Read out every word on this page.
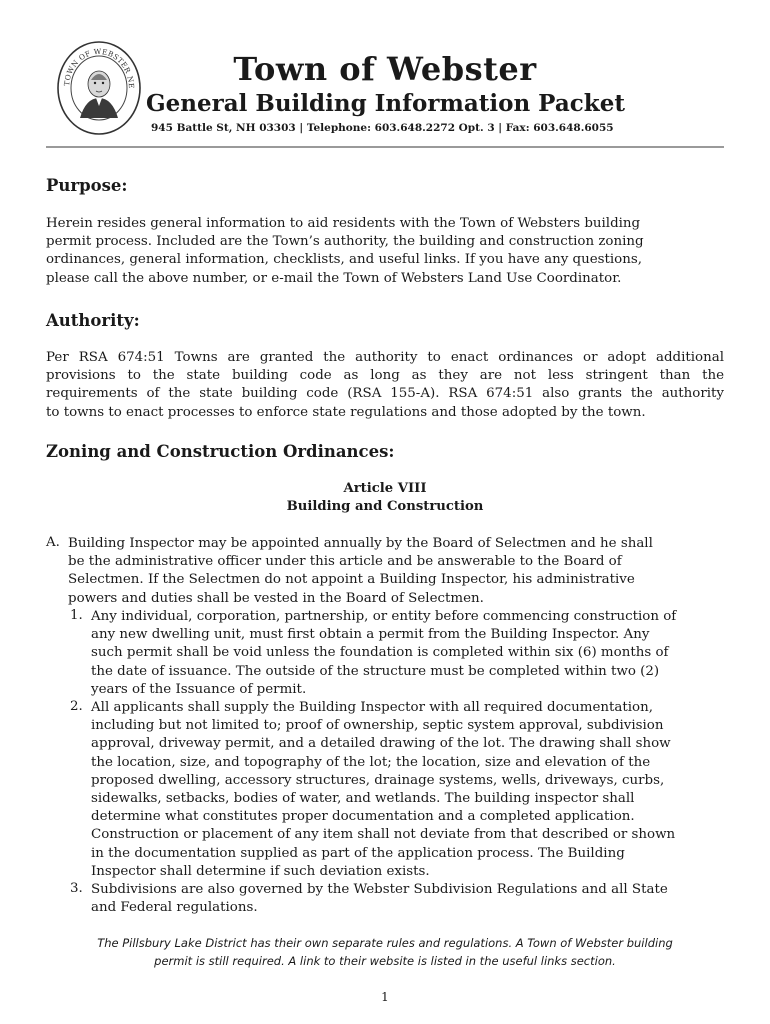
TOWN OF WEBSTER NE	Town of Webster
General Building Information Packet
945 Battle St, NH 03303 | Telephone: 603.648.2272 Opt. 3 | Fax: 603.648.6055
Purpose:
Herein resides general information to aid residents with the Town of Websters building
permit process. Included are the Town’s authority, the building and construction zoning
ordinances, general information, checklists, and useful links. If you have any questions,
please call the above number, or e-mail the Town of Websters Land Use Coordinator.
Authority:
Per RSA 674:51 Towns are granted the authority to enact ordinances or adopt additional
provisions to the state building code as long as they are not less stringent than the
requirements of the state building code (RSA 155-A). RSA 674:51 also grants the authority
to towns to enact processes to enforce state regulations and those adopted by the town.
Zoning and Construction Ordinances:
Article VIII
Building and Construction
A. Building Inspector may be appointed annually by the Board of Selectmen and he shall
be the administrative officer under this article and be answerable to the Board of
Selectmen. If the Selectmen do not appoint a Building Inspector, his administrative
powers and duties shall be vested in the Board of Selectmen.
1. Any individual, corporation, partnership, or entity before commencing construction of
any new dwelling unit, must first obtain a permit from the Building Inspector. Any
such permit shall be void unless the foundation is completed within six (6) months of
the date of issuance. The outside of the structure must be completed within two (2)
years of the Issuance of permit.
2. All applicants shall supply the Building Inspector with all required documentation,
including but not limited to; proof of ownership, septic system approval, subdivision
approval, driveway permit, and a detailed drawing of the lot. The drawing shall show
the location, size, and topography of the lot; the location, size and elevation of the
proposed dwelling, accessory structures, drainage systems, wells, driveways, curbs,
sidewalks, setbacks, bodies of water, and wetlands. The building inspector shall
determine what constitutes proper documentation and a completed application.
Construction or placement of any item shall not deviate from that described or shown
in the documentation supplied as part of the application process. The Building
Inspector shall determine if such deviation exists.
3. Subdivisions are also governed by the Webster Subdivision Regulations and all State
and Federal regulations.
The Pillsbury Lake District has their own separate rules and regulations. A Town of Webster building
permit is still required. A link to their website is listed in the useful links section.
1
